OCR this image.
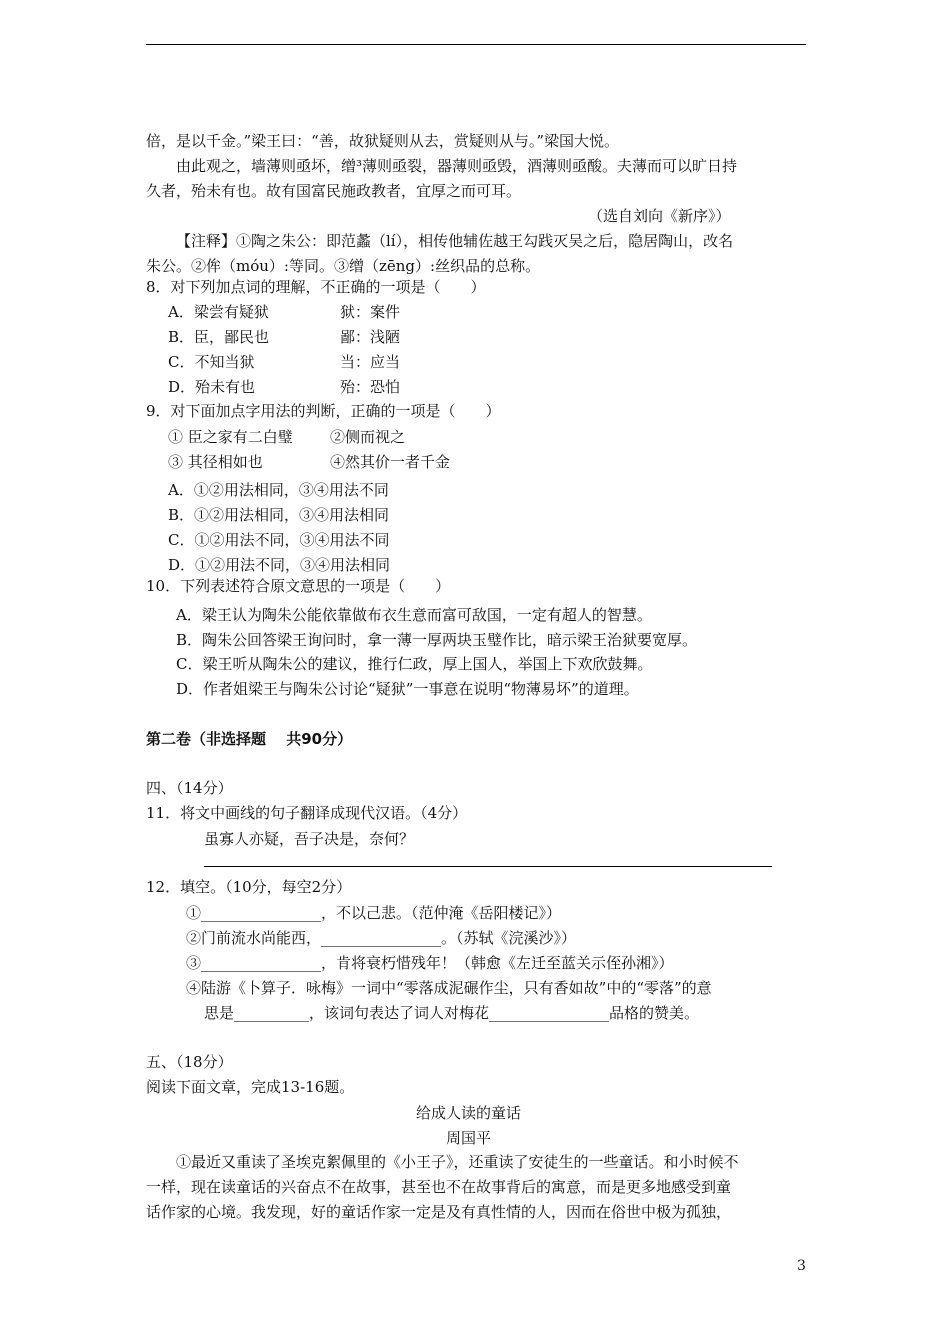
倍，是以千金。”梁王曰：“善，故狱疑则从去，赏疑则从与。”梁国大悦。
由此观之，墙薄则亟坏，缯³薄则亟裂，器薄则亟毁，酒薄则亟酸。夫薄而可以旷日持
久者，殆未有也。故有国富民施政教者，宜厚之而可耳。
（选自刘向《新序》）
【注释】①陶之朱公：即范蠡（lí），相传他辅佐越王勾践灭吴之后，隐居陶山，改名
朱公。②侔（móu）:等同。③缯（zēng）:丝织品的总称。
8．对下列加点词的理解，不正确的一项是（　　）
A．梁尝有疑狱	狱：案件
B．臣，鄙民也	鄙：浅陋
C．不知当狱	当：应当
D．殆未有也	殆：恐怕
9．对下面加点字用法的判断，正确的一项是（　　）
① 臣之家有二白璧 ②侧而视之
③ 其径相如也	④然其价一者千金
A．①②用法相同，③④用法不同
B．①②用法相同，③④用法相同
C．①②用法不同，③④用法不同
D．①②用法不同，③④用法相同
10．下列表述符合原文意思的一项是（　　）
A．梁王认为陶朱公能依靠做布衣生意而富可敌国，一定有超人的智慧。
B．陶朱公回答梁王询问时，拿一薄一厚两块玉璧作比，暗示梁王治狱要宽厚。
C．梁王听从陶朱公的建议，推行仁政，厚上国人，举国上下欢欣鼓舞。
D．作者姐梁王与陶朱公讨论“疑狱”一事意在说明“物薄易坏”的道理。
第二卷（非选择题　 共90分）
四、（14分）
11．将文中画线的句子翻译成现代汉语。（4分）
虽寡人亦疑，吾子决是，奈何？
12．填空。（10分，每空2分）
①________________，不以己悲。（范仲淹《岳阳楼记》）
②门前流水尚能西，________________。（苏轼《浣溪沙》）
③________________，肯将衰朽惜残年！（韩愈《左迁至蓝关示侄孙湘》）
④陆游《卜算子．咏梅》一词中“零落成泥碾作尘，只有香如故”中的“零落”的意
思是__________，该词句表达了词人对梅花________________品格的赞美。
五、（18分）
阅读下面文章，完成13-16题。
给成人读的童话
周国平
①最近又重读了圣埃克絮佩里的《小王子》，还重读了安徒生的一些童话。和小时候不
一样，现在读童话的兴奋点不在故事，甚至也不在故事背后的寓意，而是更多地感受到童
话作家的心境。我发现，好的童话作家一定是及有真性情的人，因而在俗世中极为孤独，
3
